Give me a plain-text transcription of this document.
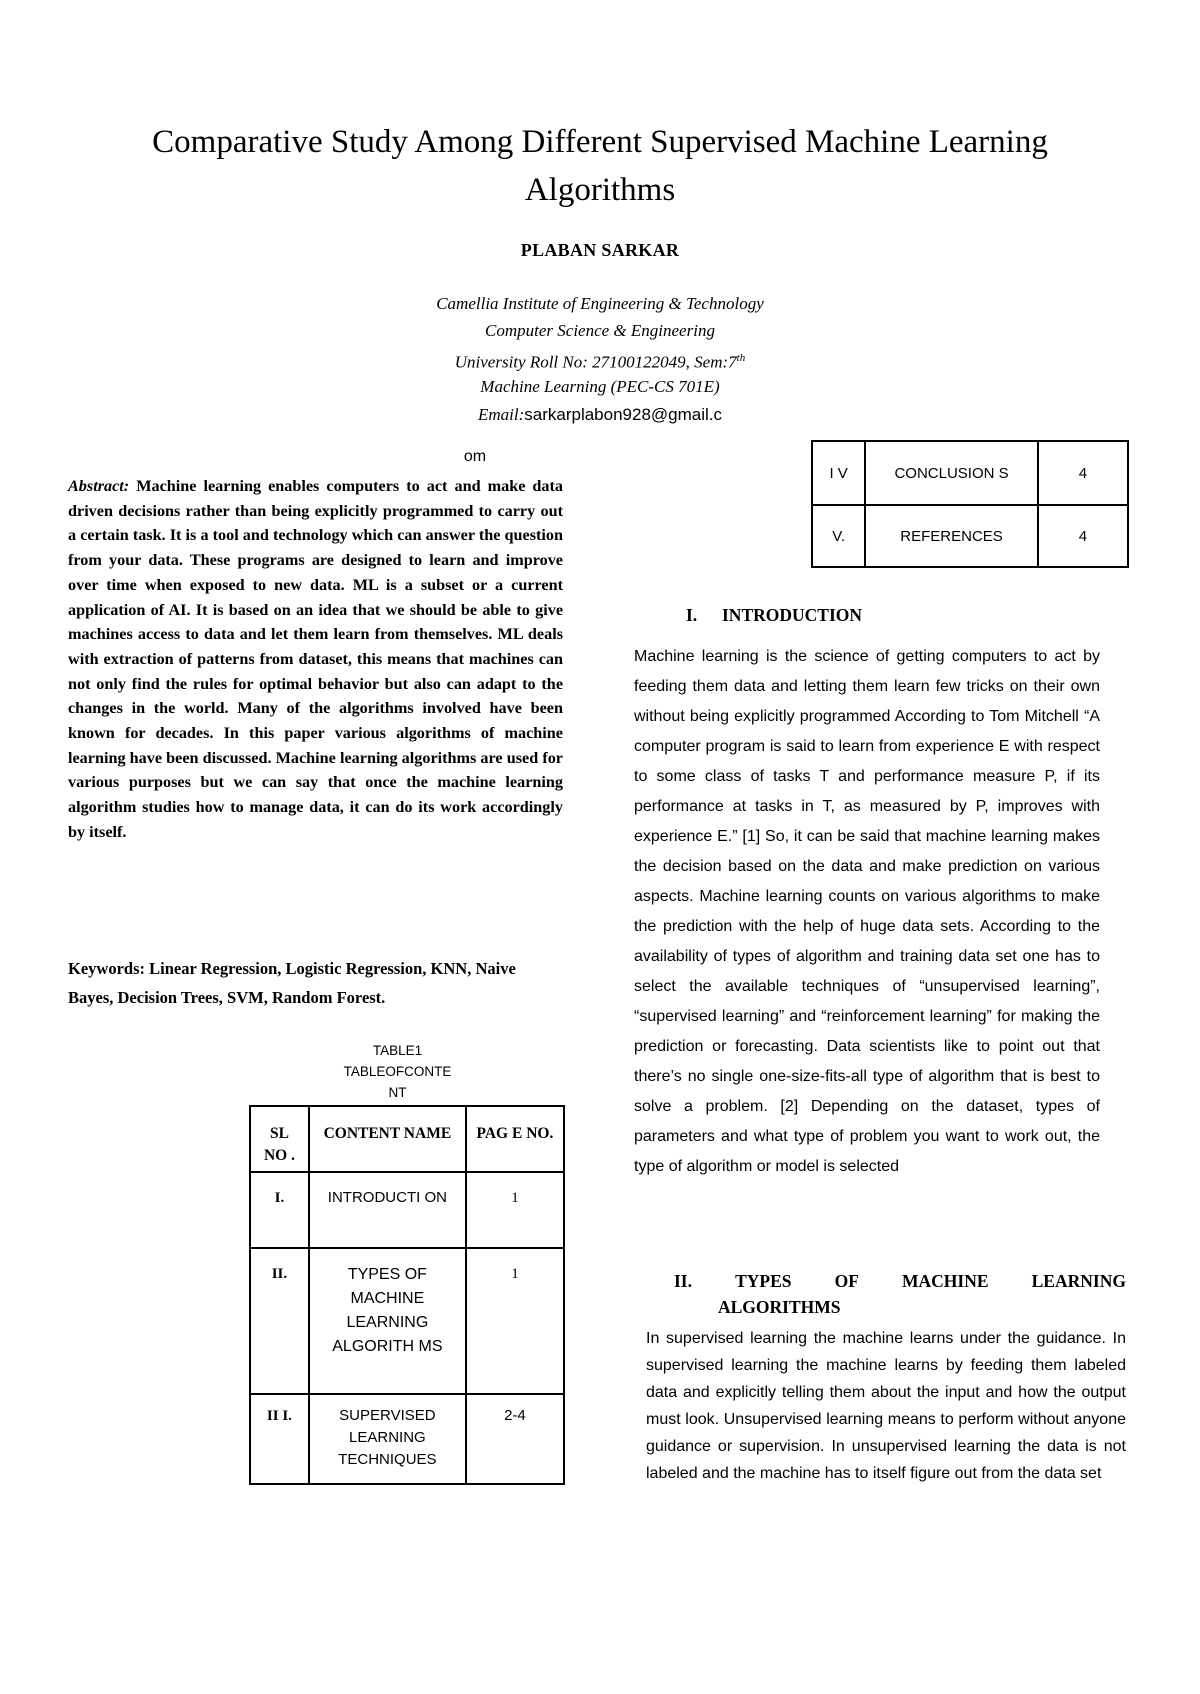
Comparative Study Among Different Supervised Machine Learning
Algorithms
PLABAN SARKAR
Camellia Institute of Engineering & Technology
Computer Science & Engineering
University Roll No: 27100122049, Sem:7th
Machine Learning (PEC-CS 701E)
Email:sarkarplabon928@gmail.c
om
Abstract: Machine learning enables computers to act and make data driven decisions rather than being explicitly programmed to carry out a certain task. It is a tool and technology which can answer the question from your data. These programs are designed to learn and improve over time when exposed to new data. ML is a subset or a current application of AI. It is based on an idea that we should be able to give machines access to data and let them learn from themselves. ML deals with extraction of patterns from dataset, this means that machines can not only find the rules for optimal behavior but also can adapt to the changes in the world. Many of the algorithms involved have been known for decades. In this paper various algorithms of machine learning have been discussed. Machine learning algorithms are used for various purposes but we can say that once the machine learning algorithm studies how to manage data, it can do its work accordingly by itself.
Keywords: Linear Regression, Logistic Regression, KNN, Naive Bayes, Decision Trees, SVM, Random Forest.
TABLE1
TABLEOFCONTE
NT
SL NO .	CONTENT NAME	PAG E NO.
I.	INTRODUCTI ON	1
II.	TYPES OF MACHINE LEARNING ALGORITH MS	1
II I.	SUPERVISED LEARNING TECHNIQUES	2-4
I V	CONCLUSION S	4
V.	REFERENCES	4
I. INTRODUCTION
Machine learning is the science of getting computers to act by feeding them data and letting them learn few tricks on their own without being explicitly programmed According to Tom Mitchell “A computer program is said to learn from experience E with respect to some class of tasks T and performance measure P, if its performance at tasks in T, as measured by P, improves with experience E.” [1] So, it can be said that machine learning makes the decision based on the data and make prediction on various aspects. Machine learning counts on various algorithms to make the prediction with the help of huge data sets. According to the availability of types of algorithm and training data set one has to select the available techniques of “unsupervised learning”, “supervised learning” and “reinforcement learning” for making the prediction or forecasting. Data scientists like to point out that there’s no single one-size-fits-all type of algorithm that is best to solve a problem. [2] Depending on the dataset, types of parameters and what type of problem you want to work out, the type of algorithm or model is selected
II. TYPES OF MACHINE LEARNING
ALGORITHMS
In supervised learning the machine learns under the guidance. In supervised learning the machine learns by feeding them labeled data and explicitly telling them about the input and how the output must look. Unsupervised learning means to perform without anyone guidance or supervision. In unsupervised learning the data is not labeled and the machine has to itself figure out from the data set
